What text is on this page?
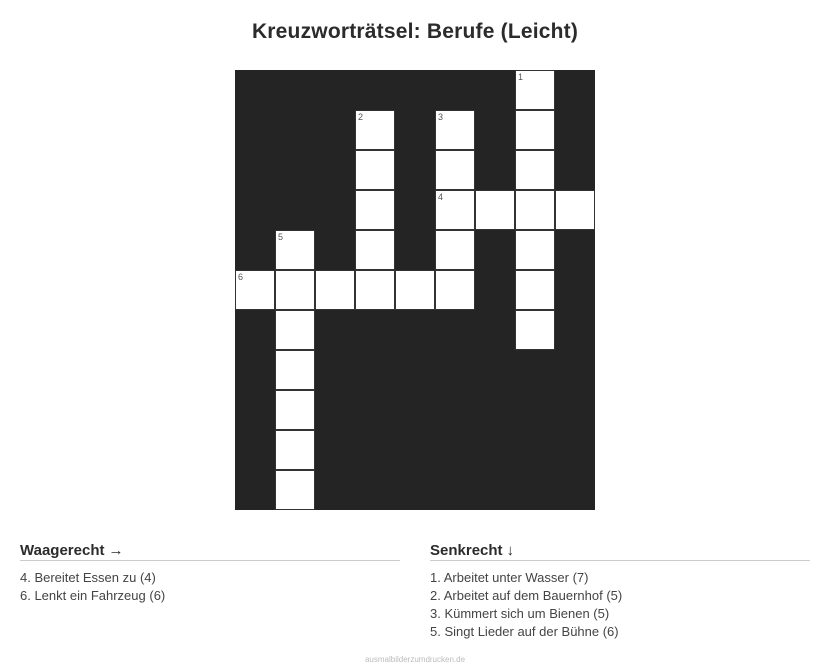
Kreuzworträtsel: Berufe (Leicht)
1
2	3
4
5
6
Waagerecht →
4. Bereitet Essen zu (4)
6. Lenkt ein Fahrzeug (6)
Senkrecht ↓
1. Arbeitet unter Wasser (7)
2. Arbeitet auf dem Bauernhof (5)
3. Kümmert sich um Bienen (5)
5. Singt Lieder auf der Bühne (6)
ausmalbilderzumdrucken.de
